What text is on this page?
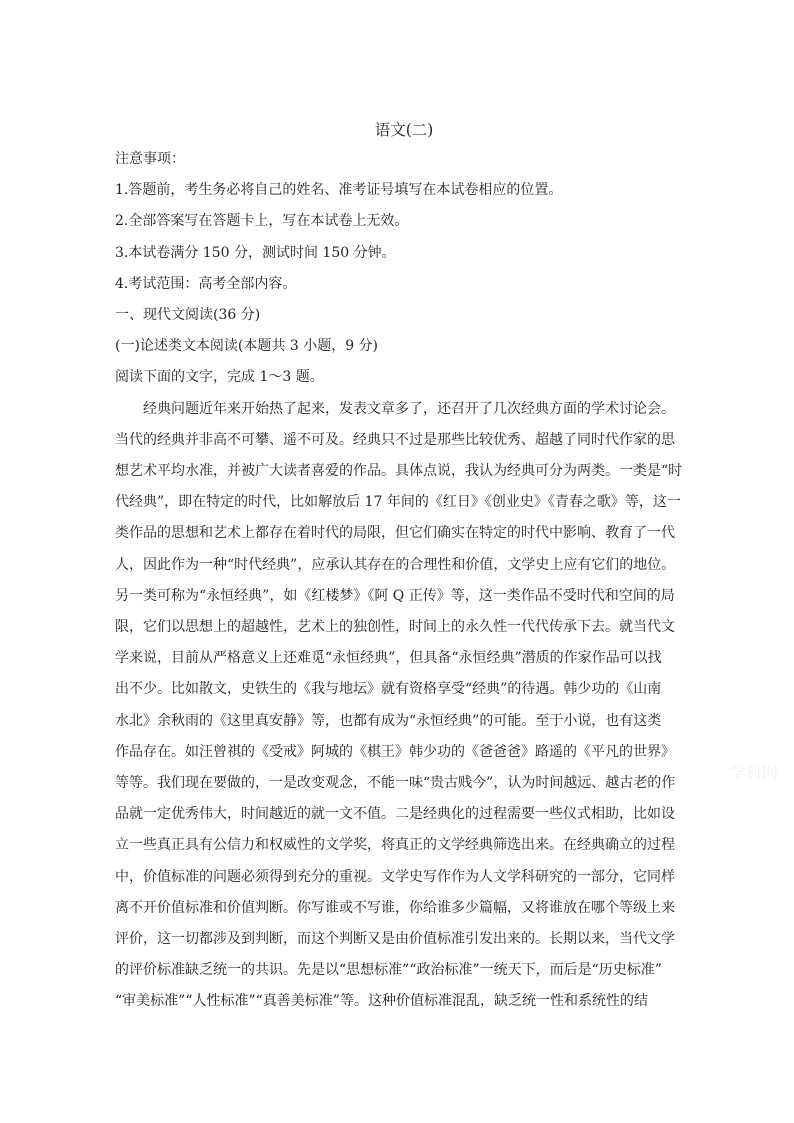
语文(二)

注意事项：

1.答题前，考生务必将自己的姓名、准考证号填写在本试卷相应的位置。

2.全部答案写在答题卡上，写在本试卷上无效。

3.本试卷满分 150 分，测试时间 150 分钟。

4.考试范围：高考全部内容。

一、现代文阅读(36 分)

(一)论述类文本阅读(本题共 3 小题，9 分)

阅读下面的文字，完成 1～3 题。

经典问题近年来开始热了起来，发表文章多了，还召开了几次经典方面的学术讨论会。

当代的经典并非高不可攀、遥不可及。经典只不过是那些比较优秀、超越了同时代作家的思

想艺术平均水准，并被广大读者喜爱的作品。具体点说，我认为经典可分为两类。一类是“时

代经典”，即在特定的时代，比如解放后 17 年间的《红日》《创业史》《青春之歌》等，这一

类作品的思想和艺术上都存在着时代的局限，但它们确实在特定的时代中影响、教育了一代

人，因此作为一种“时代经典”，应承认其存在的合理性和价值，文学史上应有它们的地位。

另一类可称为“永恒经典”，如《红楼梦》《阿 Q 正传》等，这一类作品不受时代和空间的局

限，它们以思想上的超越性，艺术上的独创性，时间上的永久性一代代传承下去。就当代文

学来说，目前从严格意义上还难觅“永恒经典”，但具备“永恒经典”潜质的作家作品可以找

出不少。比如散文，史铁生的《我与地坛》就有资格享受“经典”的待遇。韩少功的《山南

水北》余秋雨的《这里真安静》等，也都有成为“永恒经典”的可能。至于小说，也有这类

作品存在。如汪曾祺的《受戒》阿城的《棋王》韩少功的《爸爸爸》路遥的《平凡的世界》

等等。我们现在要做的，一是改变观念，不能一味“贵古贱今”，认为时间越远、越古老的作

品就一定优秀伟大，时间越近的就一文不值。二是经典化的过程需要一些仪式相助，比如设

立一些真正具有公信力和权威性的文学奖，将真正的文学经典筛选出来。在经典确立的过程

中，价值标准的问题必须得到充分的重视。文学史写作作为人文学科研究的一部分，它同样

离不开价值标准和价值判断。你写谁或不写谁，你给谁多少篇幅，又将谁放在哪个等级上来

评价，这一切都涉及到判断，而这个判断又是由价值标准引发出来的。长期以来，当代文学

的评价标准缺乏统一的共识。先是以“思想标准”“政治标准”一统天下，而后是“历史标准”

“审美标准”“人性标准”“真善美标准”等。这种价值标准混乱，缺乏统一性和系统性的结

学科网
